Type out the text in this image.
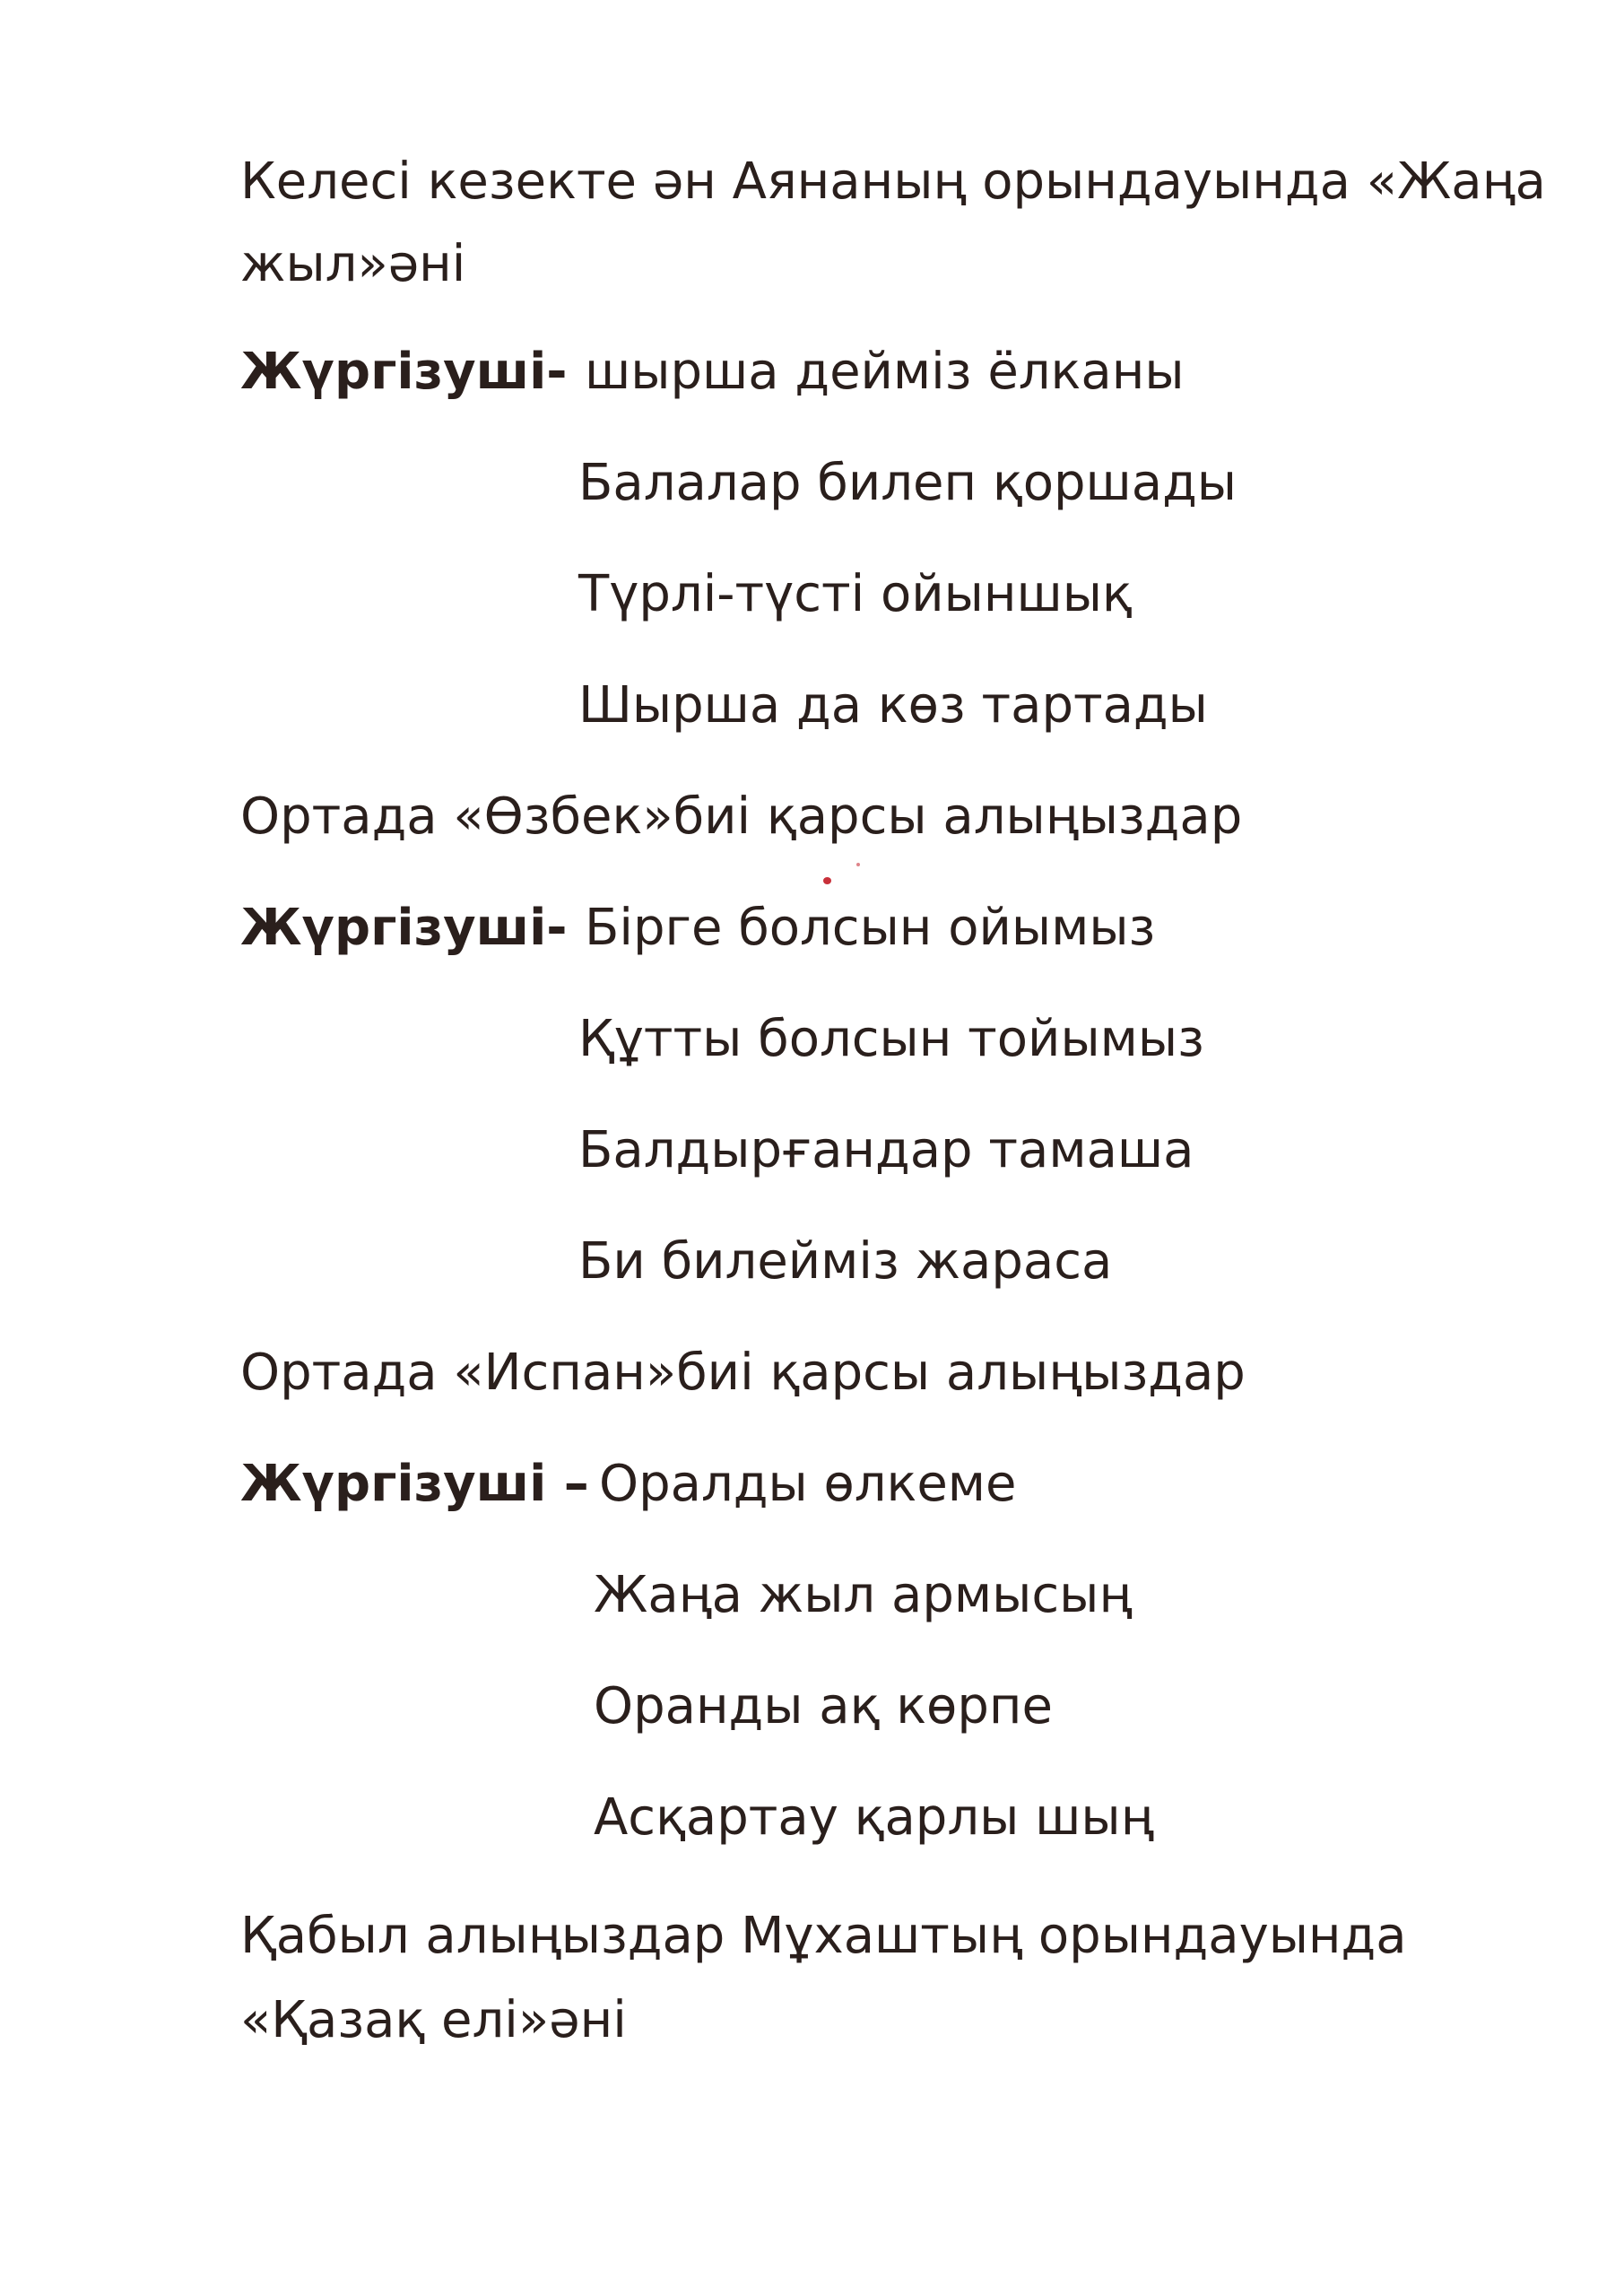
Келесі кезекте ән Аянаның орындауында «Жаңа

жыл»әні

Жүргізуші- шырша дейміз ёлканы

Балалар билеп қоршады

Түрлі-түсті ойыншық

Шырша да көз тартады

Ортада «Өзбек»биі қарсы алыңыздар

Жүргізуші- Бірге болсын ойымыз

Құтты болсын тойымыз

Балдырғандар тамаша

Би билейміз жараса

Ортада «Испан»биі қарсы алыңыздар

Жүргізуші – Оралды өлкеме

Жаңа жыл армысың

Оранды ақ көрпе

Асқартау қарлы шың

Қабыл алыңыздар Мұхаштың орындауында

«Қазақ елі»әні
